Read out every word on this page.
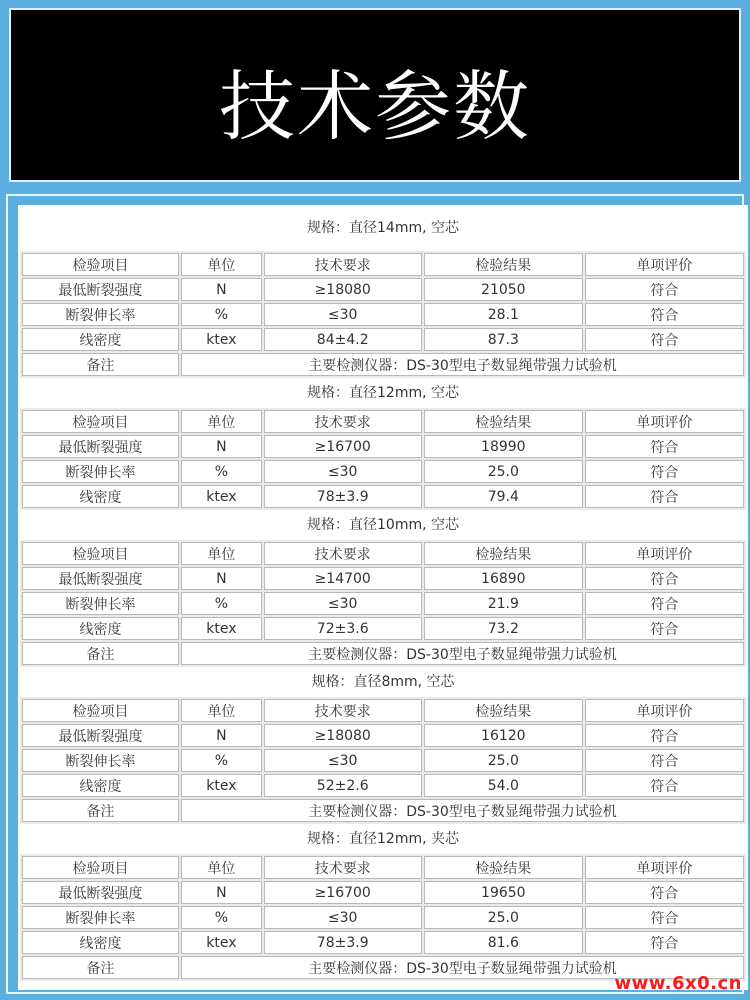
技术参数
规格：直径14mm, 空芯
检验项目	单位	技术要求	检验结果	单项评价
最低断裂强度	N	≥18080	21050	符合
断裂伸长率	%	≤30	28.1	符合
线密度	ktex	84±4.2	87.3	符合
备注	主要检测仪器：DS-30型电子数显绳带强力试验机			
规格：直径12mm, 空芯
检验项目	单位	技术要求	检验结果	单项评价
最低断裂强度	N	≥16700	18990	符合
断裂伸长率	%	≤30	25.0	符合
线密度	ktex	78±3.9	79.4	符合
规格：直径10mm, 空芯
检验项目	单位	技术要求	检验结果	单项评价
最低断裂强度	N	≥14700	16890	符合
断裂伸长率	%	≤30	21.9	符合
线密度	ktex	72±3.6	73.2	符合
备注	主要检测仪器：DS-30型电子数显绳带强力试验机			
规格：直径8mm, 空芯
检验项目	单位	技术要求	检验结果	单项评价
最低断裂强度	N	≥18080	16120	符合
断裂伸长率	%	≤30	25.0	符合
线密度	ktex	52±2.6	54.0	符合
备注	主要检测仪器：DS-30型电子数显绳带强力试验机			
规格：直径12mm, 夹芯
检验项目	单位	技术要求	检验结果	单项评价
最低断裂强度	N	≥16700	19650	符合
断裂伸长率	%	≤30	25.0	符合
线密度	ktex	78±3.9	81.6	符合
备注	主要检测仪器：DS-30型电子数显绳带强力试验机			
www.6x0.cn
